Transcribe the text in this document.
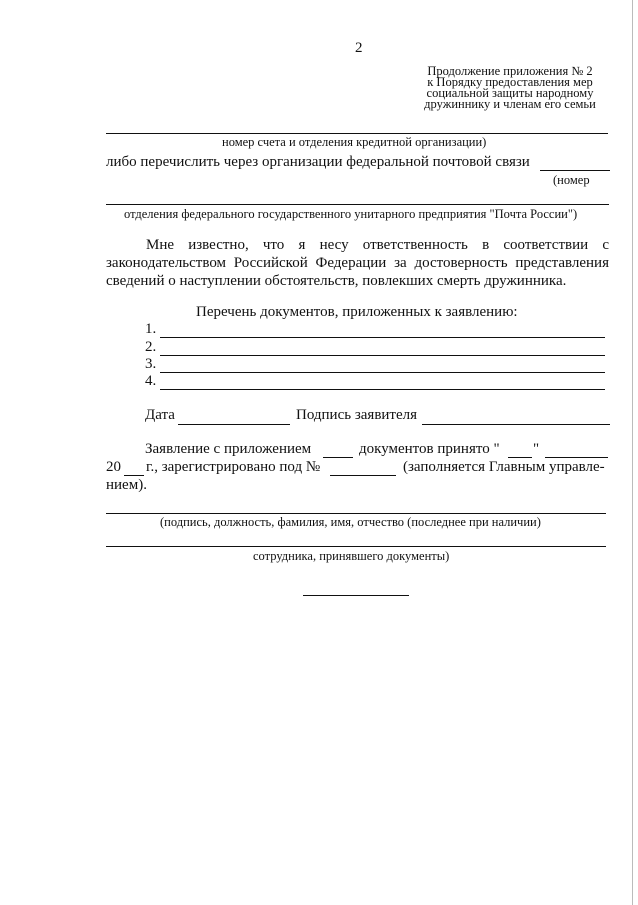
2
Продолжение приложения № 2
к Порядку предоставления мер
социальной защиты народному
дружиннику и членам его семьи
номер счета и отделения кредитной организации)
либо перечислить через организации федеральной почтовой связи
(номер
отделения федерального государственного унитарного предприятия "Почта России")
Мне известно, что я несу ответственность в соответствии с законодательством Российской Федерации за достоверность представления сведений о наступлении обстоятельств, повлекших смерть дружинника.
Перечень документов, приложенных к заявлению:
1.
2.
3.
4.
Дата	Подпись заявителя
Заявление с приложением	документов принято " "
20 г., зарегистрировано под №	(заполняется Главным управле-
нием).
(подпись, должность, фамилия, имя, отчество (последнее при наличии)
сотрудника, принявшего документы)
